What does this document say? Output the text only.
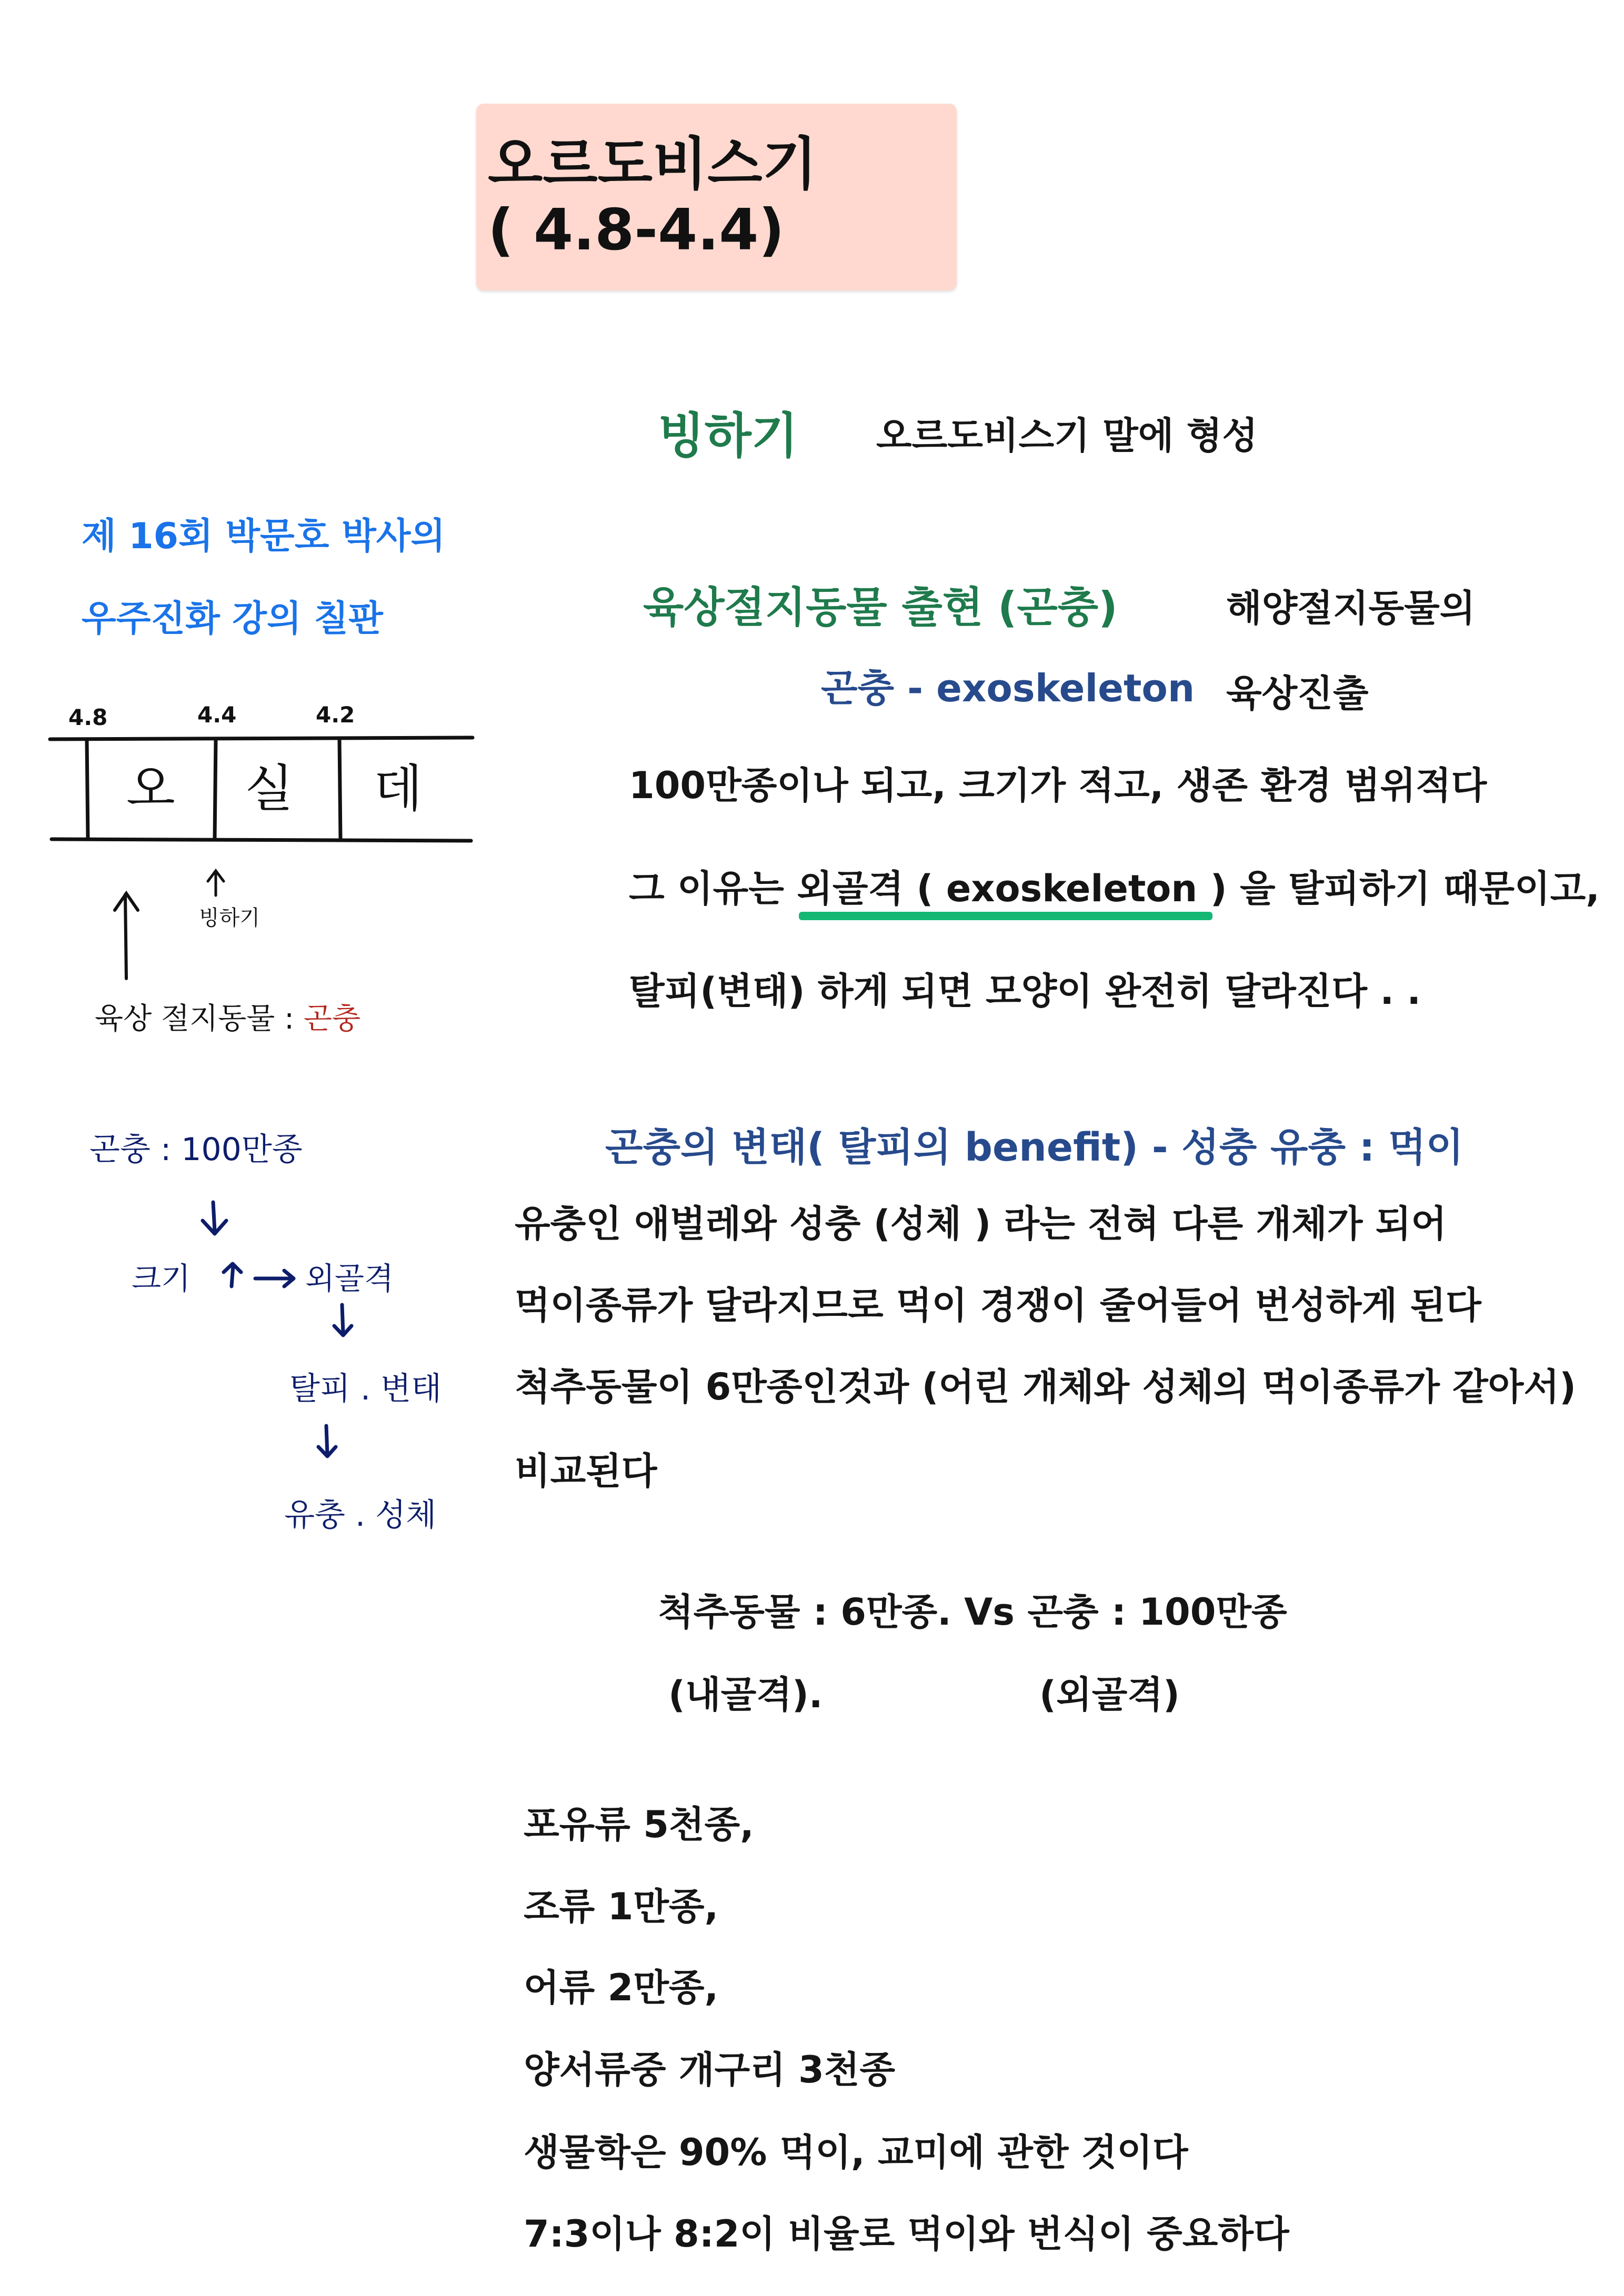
오르도비스기
( 4.8-4.4)
빙하기 오르도비스기 말에 형성
제 16회 박문호 박사의
우주진화 강의 칠판	육상절지동물 출현 (곤충)	해양절지동물의
육상진출
곤충 - exoskeleton
100만종이나 되고, 크기가 적고, 생존 환경 범위적다
그 이유는 외골격 ( exoskeleton ) 을 탈피하기 때문이고,
탈피(변태) 하게 되면 모양이 완전히 달라진다 . .
곤충의 변태( 탈피의 benefit) - 성충 유충 : 먹이
유충인 애벌레와 성충 (성체 ) 라는 전혀 다른 개체가 되어
먹이종류가 달라지므로 먹이 경쟁이 줄어들어 번성하게 된다
척추동물이 6만종인것과 (어린 개체와 성체의 먹이종류가 같아서)
비교된다
척추동물 : 6만종. Vs 곤충 : 100만종
(내골격).	(외골격)
포유류 5천종,
조류 1만종,
어류 2만종,
양서류중 개구리 3천종
생물학은 90% 먹이, 교미에 관한 것이다
7:3이나 8:2이 비율로 먹이와 번식이 중요하다
4.8	4.4	4.2
오 실 데
빙하기
육상 절지동물 : 곤충
곤충 : 100만종
크기	외골격
탈피 . 변태
유충 . 성체
